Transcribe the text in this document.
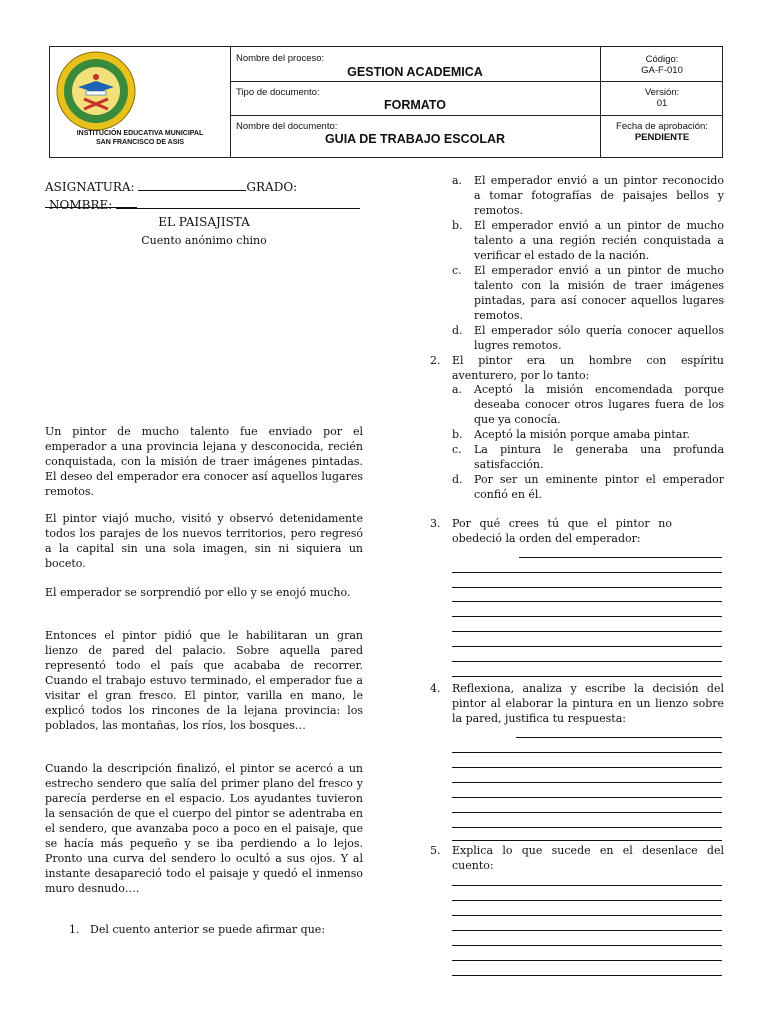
INSTITUCIÓN EDUCATIVA MUNICIPAL
SAN FRANCISCO DE ASIS
Nombre del proceso:
GESTION ACADEMICA
Tipo de documento:
FORMATO
Nombre del documento:
GUIA DE TRABAJO ESCOLAR
Código:
GA-F-010
Versión:
01
Fecha de aprobación:
PENDIENTE
ASIGNATURA:	GRADO:
NOMBRE:
EL PAISAJISTA
Cuento anónimo chino
Un pintor de mucho talento fue enviado por el emperador a una provincia lejana y desconocida, recién conquistada, con la misión de traer imágenes pintadas. El deseo del emperador era conocer así aquellos lugares remotos.
El pintor viajó mucho, visitó y observó detenidamente todos los parajes de los nuevos territorios, pero regresó a la capital sin una sola imagen, sin ni siquiera un boceto.
El emperador se sorprendió por ello y se enojó mucho.
Entonces el pintor pidió que le habilitaran un gran lienzo de pared del palacio. Sobre aquella pared representó todo el país que acababa de recorrer. Cuando el trabajo estuvo terminado, el emperador fue a visitar el gran fresco. El pintor, varilla en mano, le explicó todos los rincones de la lejana provincia: los poblados, las montañas, los ríos, los bosques…
Cuando la descripción finalizó, el pintor se acercó a un estrecho sendero que salía del primer plano del fresco y parecía perderse en el espacio. Los ayudantes tuvieron la sensación de que el cuerpo del pintor se adentraba en el sendero, que avanzaba poco a poco en el paisaje, que se hacía más pequeño y se iba perdiendo a lo lejos. Pronto una curva del sendero lo ocultó a sus ojos. Y al instante desapareció todo el paisaje y quedó el inmenso muro desnudo….
1. Del cuento anterior se puede afirmar que:
a.	El emperador envió a un pintor reconocido a tomar fotografías de paisajes bellos y remotos.
b.	El emperador envió a un pintor de mucho talento a una región recién conquistada a verificar el estado de la nación.
c.	El emperador envió a un pintor de mucho talento con la misión de traer imágenes pintadas, para así conocer aquellos lugares remotos.
d.	El emperador sólo quería conocer aquellos lugres remotos.
2.	El pintor era un hombre con espíritu aventurero, por lo tanto:
a.	Aceptó la misión encomendada porque deseaba conocer otros lugares fuera de los que ya conocía.
b.	Aceptó la misión porque amaba pintar.
c.	La pintura le generaba una profunda satisfacción.
d.	Por ser un eminente pintor el emperador confió en él.
3.	Por qué crees tú que el pintor no obedeció la orden del emperador:
4.	Reflexiona, analiza y escribe la decisión del pintor al elaborar la pintura en un lienzo sobre la pared, justifica tu respuesta:
5.	Explica lo que sucede en el desenlace del cuento:
